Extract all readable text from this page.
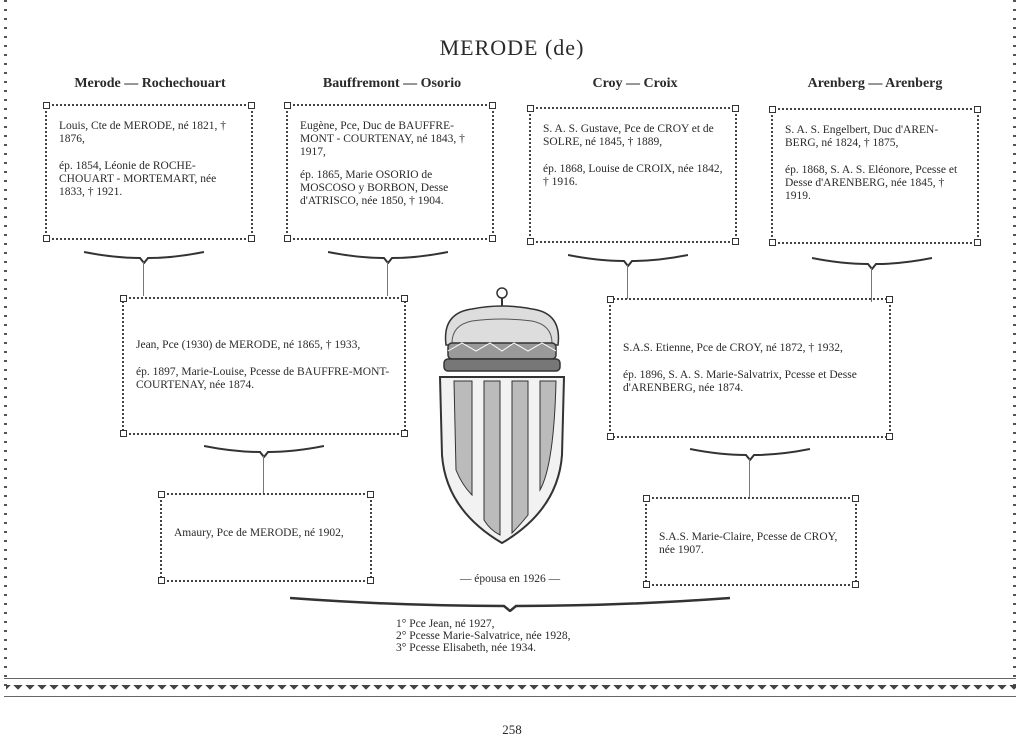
MERODE (de)
Merode — Rochechouart	Bauffremont — Osorio	Croy — Croix	Arenberg — Arenberg

Louis, Cte de MERODE, né 1821, † 1876,

ép. 1854, Léonie de ROCHE-CHOUART - MORTEMART, née 1833, † 1921.

Eugène, Pce, Duc de BAUFFRE-MONT - COURTENAY, né 1843, † 1917,

ép. 1865, Marie OSORIO de MOSCOSO y BORBON, Desse d'ATRISCO, née 1850, † 1904.

S. A. S. Gustave, Pce de CROY et de SOLRE, né 1845, † 1889,

ép. 1868, Louise de CROIX, née 1842, † 1916.

S. A. S. Engelbert, Duc d'AREN-BERG, né 1824, † 1875,

ép. 1868, S. A. S. Eléonore, Pcesse et Desse d'ARENBERG, née 1845, † 1919.

Jean, Pce (1930) de MERODE, né 1865, † 1933,

ép. 1897, Marie-Louise, Pcesse de BAUFFRE-MONT-COURTENAY, née 1874.

S.A.S. Etienne, Pce de CROY, né 1872, † 1932,

ép. 1896, S. A. S. Marie-Salvatrix, Pcesse et Desse d'ARENBERG, née 1874.

Amaury, Pce de MERODE, né 1902,	S.A.S. Marie-Claire, Pcesse de CROY, née 1907.

— épousa en 1926 —
1° Pce Jean, né 1927,
2° Pcesse Marie-Salvatrice, née 1928,
3° Pcesse Elisabeth, née 1934.
258
